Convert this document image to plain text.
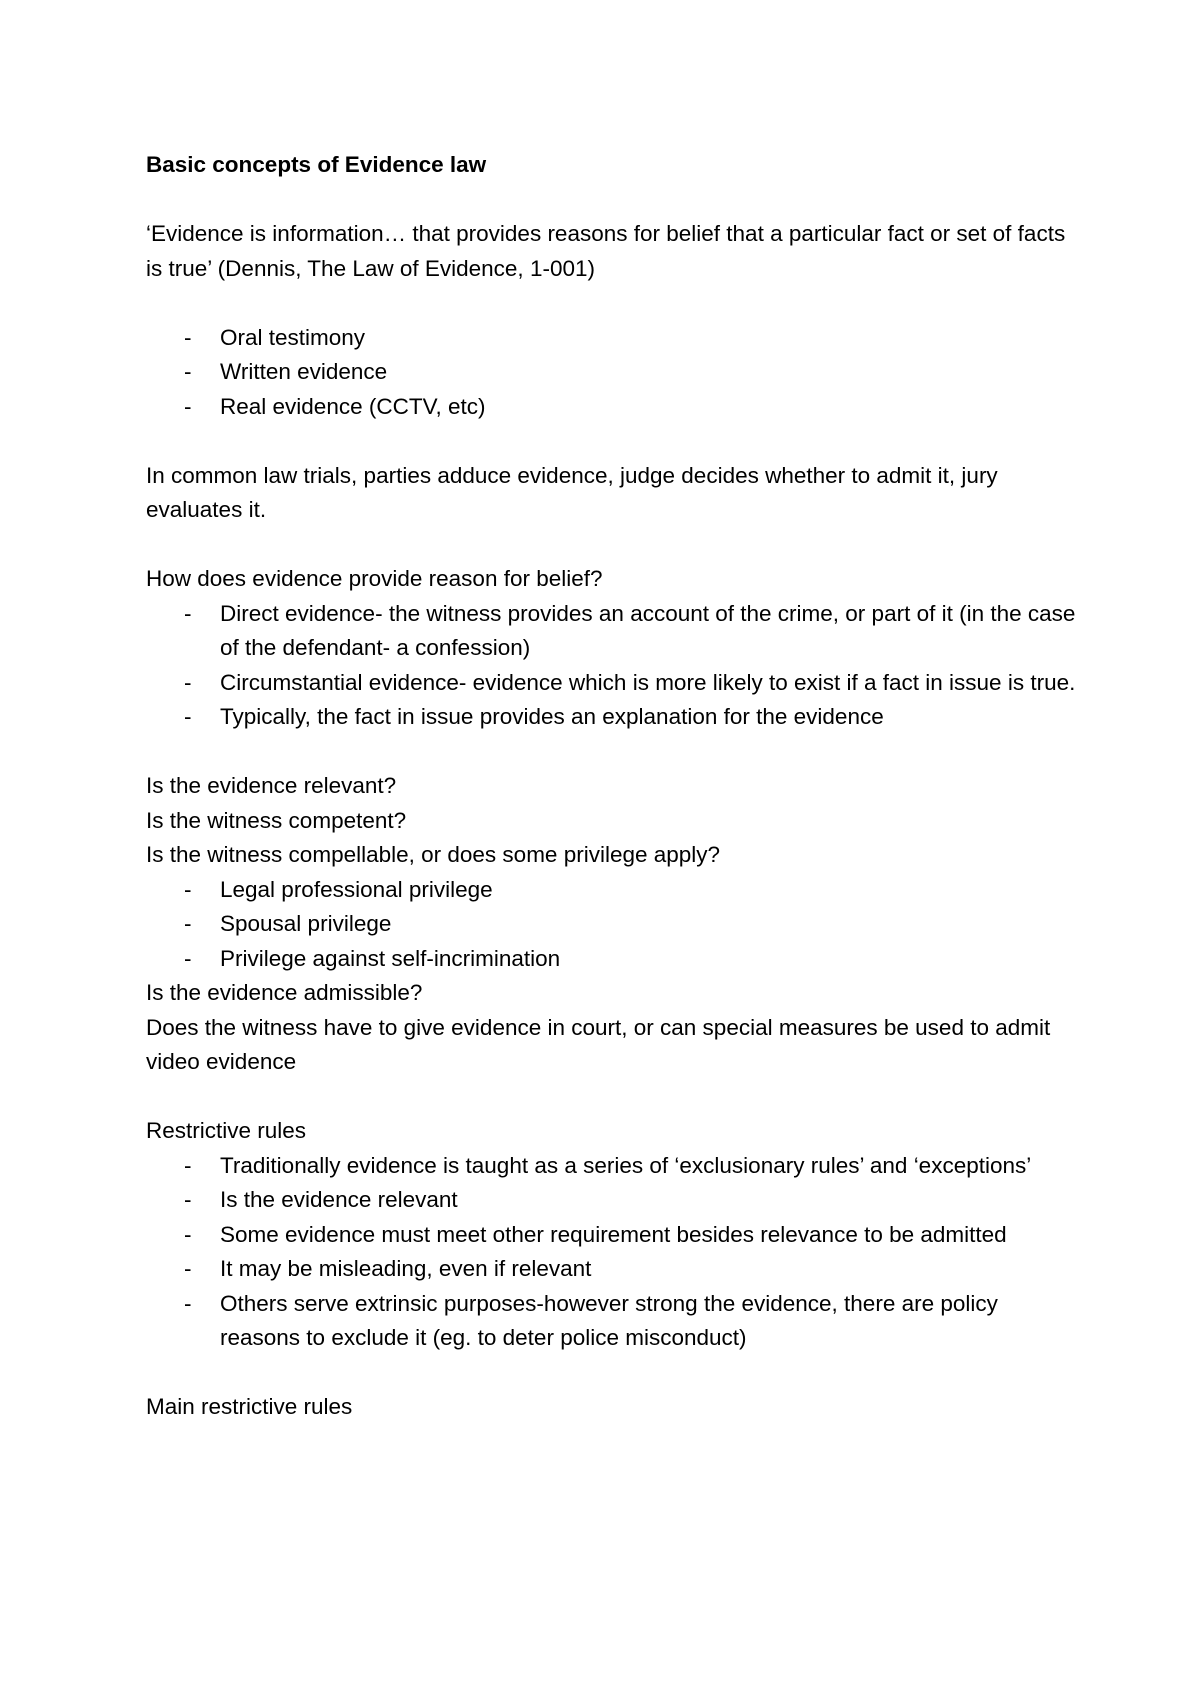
Basic concepts of Evidence law

‘Evidence is information… that provides reasons for belief that a particular fact or set of facts is true’ (Dennis, The Law of Evidence, 1-001)

- Oral testimony
- Written evidence
- Real evidence (CCTV, etc)

In common law trials, parties adduce evidence, judge decides whether to admit it, jury evaluates it.

How does evidence provide reason for belief?

- Direct evidence- the witness provides an account of the crime, or part of it (in the case of the defendant- a confession)
- Circumstantial evidence- evidence which is more likely to exist if a fact in issue is true.
- Typically, the fact in issue provides an explanation for the evidence

Is the evidence relevant?

Is the witness competent?

Is the witness compellable, or does some privilege apply?

- Legal professional privilege
- Spousal privilege
- Privilege against self-incrimination

Is the evidence admissible?

Does the witness have to give evidence in court, or can special measures be used to admit video evidence

Restrictive rules

- Traditionally evidence is taught as a series of ‘exclusionary rules’ and ‘exceptions’
- Is the evidence relevant
- Some evidence must meet other requirement besides relevance to be admitted
- It may be misleading, even if relevant
- Others serve extrinsic purposes-however strong the evidence, there are policy reasons to exclude it (eg. to deter police misconduct)

Main restrictive rules
